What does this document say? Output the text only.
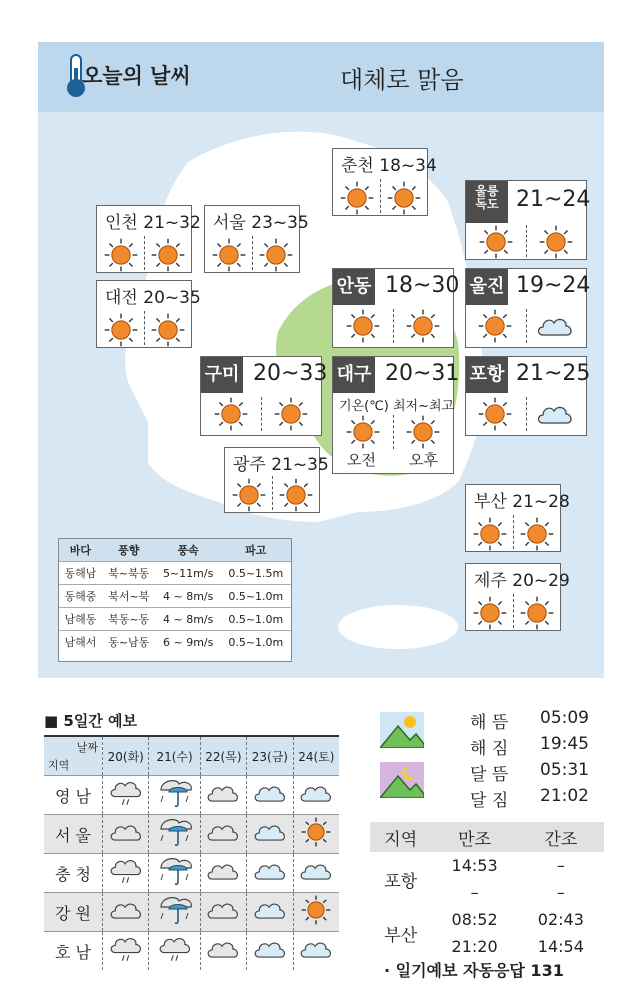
오늘의 날씨	대체로 맑음
춘천 18~34
인천 21~32 서울 23~35
대전 20~35
울릉
독도 21~24
안동 18~30 울진 19~24
구미 20~33 대구 20~31
기온(℃) 최저~최고
오전 오후
포항 21~25
광주 21~35
부산 21~28
제주 20~29
바다	풍향	풍속	파고
동해남	북~북동	5~11m/s	0.5~1.5m
동해중	북서~북	4 ~ 8m/s	0.5~1.0m
남해동	북동~동	4 ~ 8m/s	0.5~1.0m
남해서	동~남동	6 ~ 9m/s	0.5~1.0m
■ 5일간 예보
날짜
지역	20(화)	21(수)	22(목)	23(금)	24(토)
영 남					
서 울					
충 청					
강 원					
호 남					
해 뜸 05:09
해 짐 19:45
달 뜸 05:31
달 짐 21:02
지역	만조	간조
포항	14:53	–
	–	–
부산	08:52	02:43
	21:20	14:54
· 일기예보 자동응답 131
